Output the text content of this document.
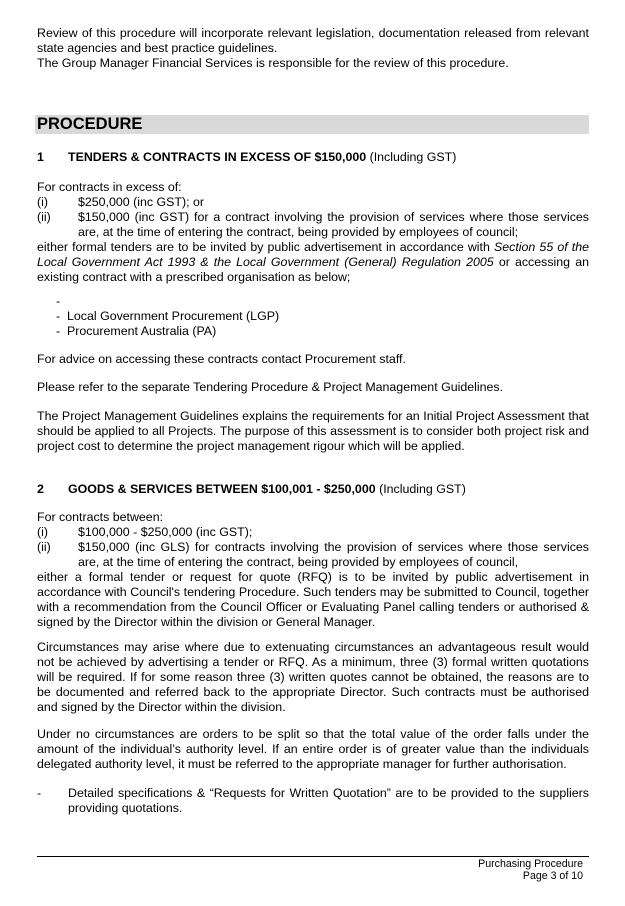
Review of this procedure will incorporate relevant legislation, documentation released from relevant state agencies and best practice guidelines.

The Group Manager Financial Services is responsible for the review of this procedure.

PROCEDURE
1 TENDERS & CONTRACTS IN EXCESS OF $150,000 (Including GST)

For contracts in excess of:

(i)	$250,000 (inc GST); or
(ii)	$150,000 (inc GST) for a contract involving the provision of services where those services are, at the time of entering the contract, being provided by employees of council;

either formal tenders are to be invited by public advertisement in accordance with Section 55 of the Local Government Act 1993 & the Local Government (General) Regulation 2005 or accessing an existing contract with a prescribed organisation as below;

-
- Local Government Procurement (LGP)
- Procurement Australia (PA)

For advice on accessing these contracts contact Procurement staff.

Please refer to the separate Tendering Procedure & Project Management Guidelines.

The Project Management Guidelines explains the requirements for an Initial Project Assessment that should be applied to all Projects. The purpose of this assessment is to consider both project risk and project cost to determine the project management rigour which will be applied.

2 GOODS & SERVICES BETWEEN $100,001 - $250,000 (Including GST)

For contracts between:

(i)	$100,000 - $250,000 (inc GST);
(ii)	$150,000 (inc GLS) for contracts involving the provision of services where those services are, at the time of entering the contract, being provided by employees of council,

either a formal tender or request for quote (RFQ) is to be invited by public advertisement in accordance with Council's tendering Procedure. Such tenders may be submitted to Council, together with a recommendation from the Council Officer or Evaluating Panel calling tenders or authorised & signed by the Director within the division or General Manager.

Circumstances may arise where due to extenuating circumstances an advantageous result would not be achieved by advertising a tender or RFQ. As a minimum, three (3) formal written quotations will be required. If for some reason three (3) written quotes cannot be obtained, the reasons are to be documented and referred back to the appropriate Director. Such contracts must be authorised and signed by the Director within the division.

Under no circumstances are orders to be split so that the total value of the order falls under the amount of the individual’s authority level. If an entire order is of greater value than the individuals delegated authority level, it must be referred to the appropriate manager for further authorisation.

-	Detailed specifications & “Requests for Written Quotation” are to be provided to the suppliers providing quotations.
Purchasing Procedure
Page 3 of 10
